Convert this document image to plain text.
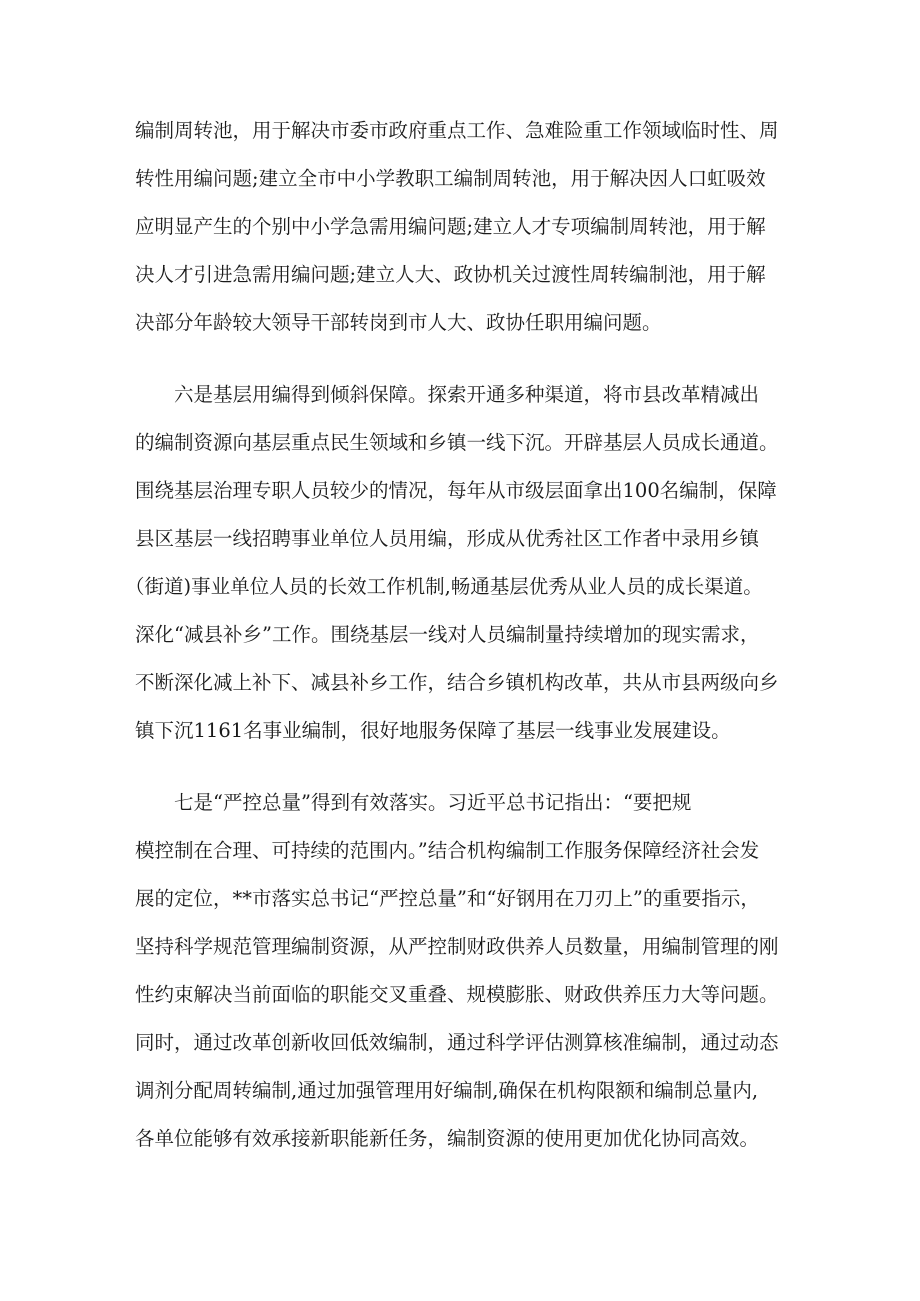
编制周转池，用于解决市委市政府重点工作、急难险重工作领域临时性、周
转性用编问题;建立全市中小学教职工编制周转池，用于解决因人口虹吸效
应明显产生的个别中小学急需用编问题;建立人才专项编制周转池，用于解
决人才引进急需用编问题;建立人大、政协机关过渡性周转编制池，用于解
决部分年龄较大领导干部转岗到市人大、政协任职用编问题。
六是基层用编得到倾斜保障。探索开通多种渠道，将市县改革精减出
的编制资源向基层重点民生领域和乡镇一线下沉。开辟基层人员成长通道。
围绕基层治理专职人员较少的情况，每年从市级层面拿出100名编制，保障
县区基层一线招聘事业单位人员用编，形成从优秀社区工作者中录用乡镇
（街道)事业单位人员的长效工作机制,畅通基层优秀从业人员的成长渠道。
深化“减县补乡”工作。围绕基层一线对人员编制量持续增加的现实需求，
不断深化减上补下、减县补乡工作，结合乡镇机构改革，共从市县两级向乡
镇下沉1161名事业编制，很好地服务保障了基层一线事业发展建设。
七是“严控总量”得到有效落实。习近平总书记指出：“要把规
模控制在合理、可持续的范围内。”结合机构编制工作服务保障经济社会发
展的定位，**市落实总书记“严控总量”和“好钢用在刀刃上”的重要指示，
坚持科学规范管理编制资源，从严控制财政供养人员数量，用编制管理的刚
性约束解决当前面临的职能交叉重叠、规模膨胀、财政供养压力大等问题。
同时，通过改革创新收回低效编制，通过科学评估测算核准编制，通过动态
调剂分配周转编制,通过加强管理用好编制,确保在机构限额和编制总量内,
各单位能够有效承接新职能新任务，编制资源的使用更加优化协同高效。
